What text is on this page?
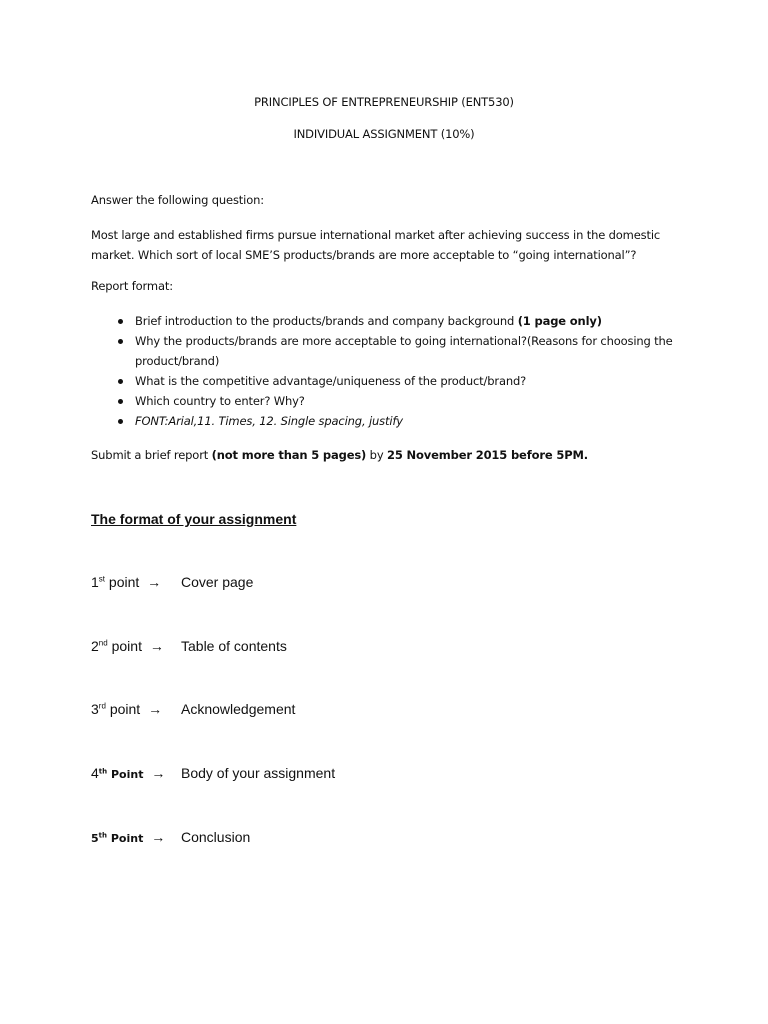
PRINCIPLES OF ENTREPRENEURSHIP (ENT530)
INDIVIDUAL ASSIGNMENT (10%)
Answer the following question:
Most large and established firms pursue international market after achieving success in the domestic
market. Which sort of local SME’S products/brands are more acceptable to “going international”?
Report format:
Brief introduction to the products/brands and company background (1 page only)
Why the products/brands are more acceptable to going international?(Reasons for choosing the product/brand)
What is the competitive advantage/uniqueness of the product/brand?
Which country to enter? Why?
FONT:Arial,11. Times, 12. Single spacing, justify
Submit a brief report (not more than 5 pages) by 25 November 2015 before 5PM.
The format of your assignment
1st point → Cover page
2nd point → Table of contents
3rd point → Acknowledgement
4th Point → Body of your assignment
5th Point → Conclusion
